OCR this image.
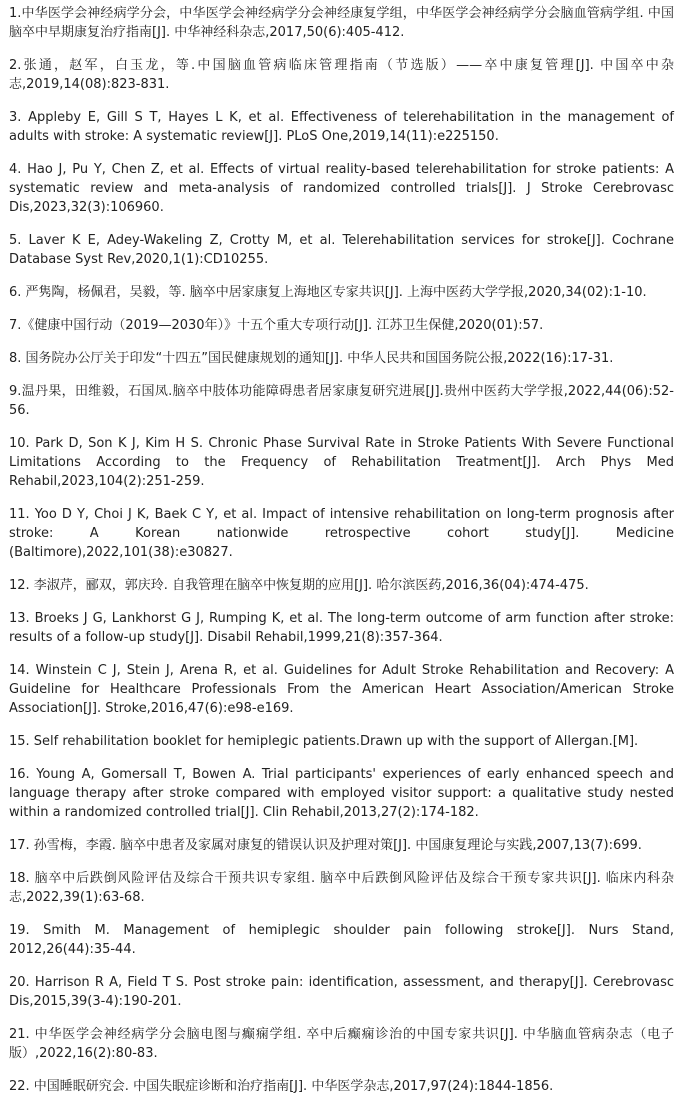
1.中华医学会神经病学分会，中华医学会神经病学分会神经康复学组，中华医学会神经病学分会脑血管病学组. 中国脑卒中早期康复治疗指南[J]. 中华神经科杂志,2017,50(6):405-412.
2.张通，赵军，白玉龙，等.中国脑血管病临床管理指南（节选版）——卒中康复管理[J]. 中国卒中杂志,2019,14(08):823-831.
3. Appleby E, Gill S T, Hayes L K, et al. Effectiveness of telerehabilitation in the management of adults with stroke: A systematic review[J]. PLoS One,2019,14(11):e225150.
4. Hao J, Pu Y, Chen Z, et al. Effects of virtual reality-based telerehabilitation for stroke patients: A systematic review and meta-analysis of randomized controlled trials[J]. J Stroke Cerebrovasc Dis,2023,32(3):106960.
5. Laver K E, Adey-Wakeling Z, Crotty M, et al. Telerehabilitation services for stroke[J]. Cochrane Database Syst Rev,2020,1(1):CD10255.
6. 严隽陶，杨佩君，吴毅，等. 脑卒中居家康复上海地区专家共识[J]. 上海中医药大学学报,2020,34(02):1-10.
7.《健康中国行动（2019—2030年）》十五个重大专项行动[J]. 江苏卫生保健,2020(01):57.
8. 国务院办公厅关于印发“十四五”国民健康规划的通知[J]. 中华人民共和国国务院公报,2022(16):17-31.
9.温丹果，田维毅，石国凤.脑卒中肢体功能障碍患者居家康复研究进展[J].贵州中医药大学学报,2022,44(06):52-56.
10. Park D, Son K J, Kim H S. Chronic Phase Survival Rate in Stroke Patients With Severe Functional Limitations According to the Frequency of Rehabilitation Treatment[J]. Arch Phys Med Rehabil,2023,104(2):251-259.
11. Yoo D Y, Choi J K, Baek C Y, et al. Impact of intensive rehabilitation on long-term prognosis after stroke: A Korean nationwide retrospective cohort study[J]. Medicine (Baltimore),2022,101(38):e30827.
12. 李淑芹，郦双，郭庆玲. 自我管理在脑卒中恢复期的应用[J]. 哈尔滨医药,2016,36(04):474-475.
13. Broeks J G, Lankhorst G J, Rumping K, et al. The long-term outcome of arm function after stroke: results of a follow-up study[J]. Disabil Rehabil,1999,21(8):357-364.
14. Winstein C J, Stein J, Arena R, et al. Guidelines for Adult Stroke Rehabilitation and Recovery: A Guideline for Healthcare Professionals From the American Heart Association/American Stroke Association[J]. Stroke,2016,47(6):e98-e169.
15. Self rehabilitation booklet for hemiplegic patients.Drawn up with the support of Allergan.[M].
16. Young A, Gomersall T, Bowen A. Trial participants' experiences of early enhanced speech and language therapy after stroke compared with employed visitor support: a qualitative study nested within a randomized controlled trial[J]. Clin Rehabil,2013,27(2):174-182.
17. 孙雪梅，李霞. 脑卒中患者及家属对康复的错误认识及护理对策[J]. 中国康复理论与实践,2007,13(7):699.
18. 脑卒中后跌倒风险评估及综合干预共识专家组. 脑卒中后跌倒风险评估及综合干预专家共识[J]. 临床内科杂志,2022,39(1):63-68.
19. Smith M. Management of hemiplegic shoulder pain following stroke[J]. Nurs Stand, 2012,26(44):35-44.
20. Harrison R A, Field T S. Post stroke pain: identification, assessment, and therapy[J]. Cerebrovasc Dis,2015,39(3-4):190-201.
21. 中华医学会神经病学分会脑电图与癫痫学组. 卒中后癫痫诊治的中国专家共识[J]. 中华脑血管病杂志（电子版）,2022,16(2):80-83.
22. 中国睡眠研究会. 中国失眠症诊断和治疗指南[J]. 中华医学杂志,2017,97(24):1844-1856.
